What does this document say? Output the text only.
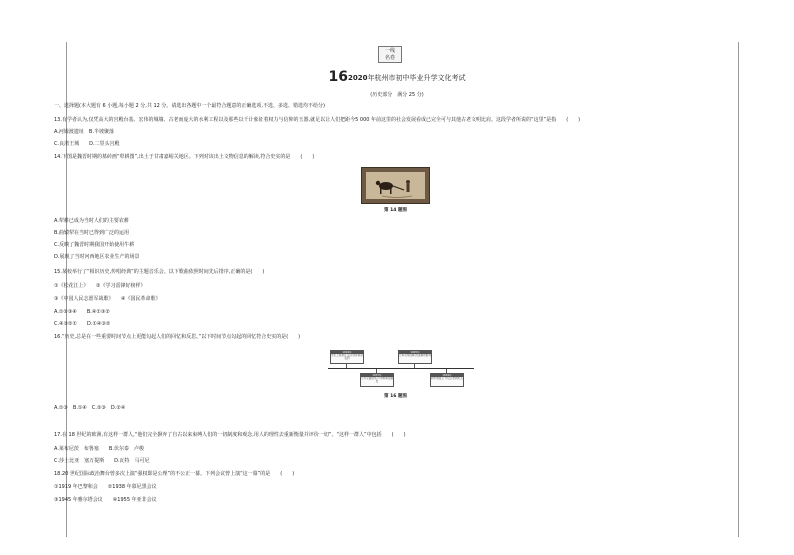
一线
名卷
162020年杭州市初中毕业升学文化考试
(历史部分　满分 25 分)
一、选择题(本大题有 6 小题,每小题 2 分,共 12 分。请选出各题中一个最符合题意的正确选项,不选、多选、错选均不给分)
13.有学者认为,仅凭高大的宫殿台基、宏伟的城墙、古老而庞大的水利工程以及那些以千计象征着权力与信仰的玉器,就足以让人们把距今5 000 年前这里的社会发展看成已完全可与其他古老文明比肩。这段学者所说的“这里”是指　　(　　)
A.河姆渡遗址　B.半坡聚落
C.良渚王城　　D.二里头宫殿
14.下图是魏晋时期的墓砖画“犁耕图”,出土于甘肃嘉峪关地区。下列对该出土文物信息的解读,符合史实的是　　(　　)
第 14 题图
A.犁耕已成为当时人们的主要农耕
B.曲辕犁在当时已得到广泛的运用
C.反映了魏晋时期我国开始使用牛耕
D.展现了当时河西地区农业生产的场景
15.某校举行了“相识历史,传唱经典”的主题音乐会。以下歌曲依照时间先后排序,正确的是(　　)
①《松花江上》　　②《学习雷锋好榜样》
③《中国人民志愿军战歌》　　④《国民革命歌》
A.①②③④　　B.④①③②
C.④③②①　　D.①④③②
16.“历史,总是在一些重要时间节点上更能勾起人们的回忆和反思。”以下时间节点勾起的回忆符合史实的是(　　)
1919年
学生上街游行 反对北洋政府签约
1945年
日本宣布投降 抗战取得胜利
1937年
日军全面侵华 卢沟桥事变爆发
1949年
新中国成立 开启历史新纪元
第 16 题图
A.①③　B.①④　C.②③　D.②④
17.在 18 世纪的欧洲,有这样一群人,“他们完全摒弃了自古以来束缚人们的一切制度和观念,用人的理性去重新衡量并评价一切”。“这样一群人”中包括　　(　　)
A.莱布尼茨　布鲁塞　　B.伏尔泰　卢梭
C.莎士比亚　塞万提斯　　D.瓦特　马可尼
18.20 世纪国际政治舞台曾多次上演“强权即是公理”的不公正一幕。下列会议曾上演“这一幕”的是　　(　　)
①1919 年巴黎和会　　②1938 年慕尼黑会议
③1945 年雅尔塔会议　　④1955 年亚非会议
